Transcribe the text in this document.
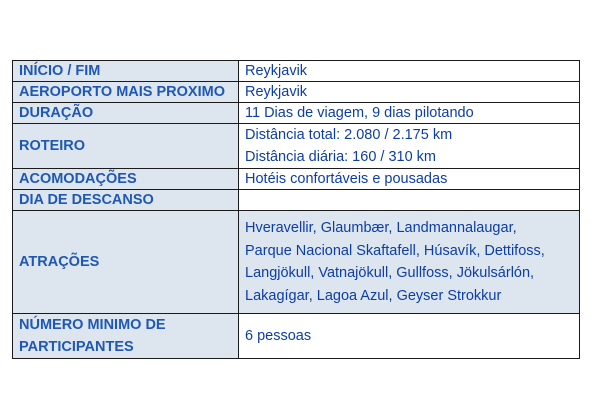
INÍCIO / FIM	Reykjavik
AEROPORTO MAIS PROXIMO	Reykjavik
DURAÇÃO	11 Dias de viagem, 9 dias pilotando
ROTEIRO	Distância total: 2.080 / 2.175 km
Distância diária: 160 / 310 km

ACOMODAÇÕES	Hotéis confortáveis e pousadas
DIA DE DESCANSO	
ATRAÇÕES	Hveravellir, Glaumbær, Landmannalaugar,
Parque Nacional Skaftafell, Húsavík, Dettifoss,
Langjökull, Vatnajökull, Gullfoss, Jökulsárlón,
Lakagígar, Lagoa Azul, Geyser Strokkur

NÚMERO MINIMO DE
PARTICIPANTES	6 pessoas
